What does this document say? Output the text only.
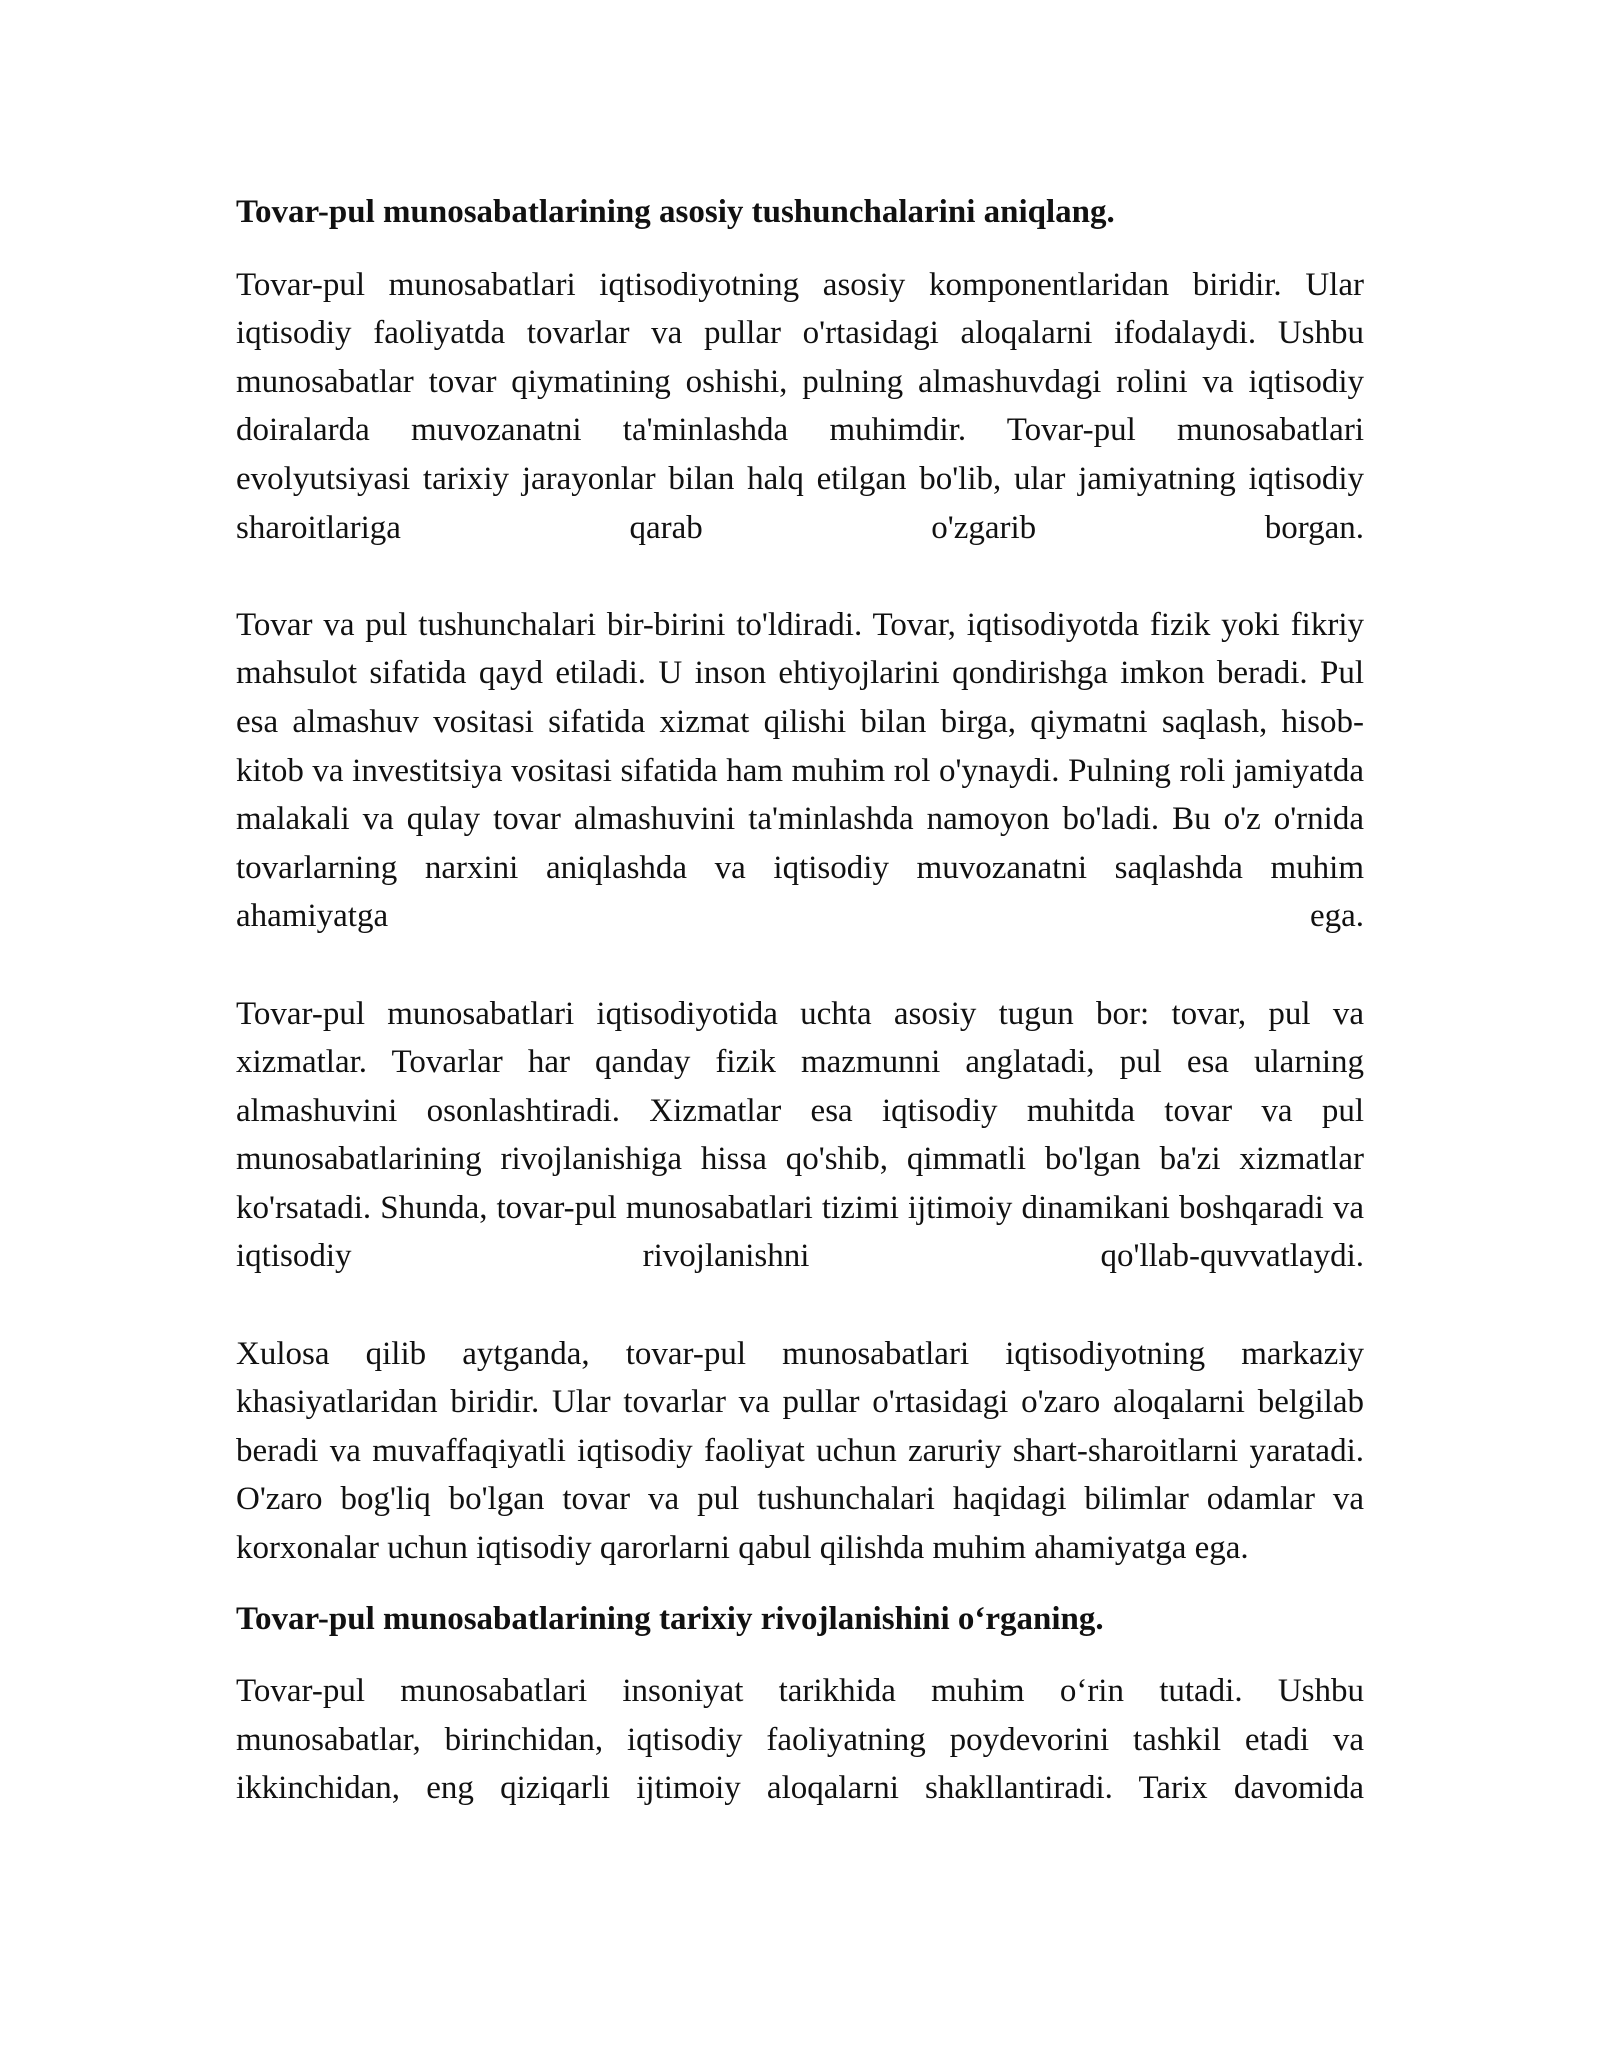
Tovar-pul munosabatlarining asosiy tushunchalarini aniqlang.

Tovar-pul munosabatlari iqtisodiyotning asosiy komponentlaridan biridir. Ular iqtisodiy faoliyatda tovarlar va pullar o'rtasidagi aloqalarni ifodalaydi. Ushbu munosabatlar tovar qiymatining oshishi, pulning almashuvdagi rolini va iqtisodiy doiralarda muvozanatni ta'minlashda muhimdir. Tovar-pul munosabatlari evolyutsiyasi tarixiy jarayonlar bilan halq etilgan bo'lib, ular jamiyatning iqtisodiy sharoitlariga qarab o'zgarib borgan.

Tovar va pul tushunchalari bir-birini to'ldiradi. Tovar, iqtisodiyotda fizik yoki fikriy mahsulot sifatida qayd etiladi. U inson ehtiyojlarini qondirishga imkon beradi. Pul esa almashuv vositasi sifatida xizmat qilishi bilan birga, qiymatni saqlash, hisob-kitob va investitsiya vositasi sifatida ham muhim rol o'ynaydi. Pulning roli jamiyatda malakali va qulay tovar almashuvini ta'minlashda namoyon bo'ladi. Bu o'z o'rnida tovarlarning narxini aniqlashda va iqtisodiy muvozanatni saqlashda muhim ahamiyatga ega.

Tovar-pul munosabatlari iqtisodiyotida uchta asosiy tugun bor: tovar, pul va xizmatlar. Tovarlar har qanday fizik mazmunni anglatadi, pul esa ularning almashuvini osonlashtiradi. Xizmatlar esa iqtisodiy muhitda tovar va pul munosabatlarining rivojlanishiga hissa qo'shib, qimmatli bo'lgan ba'zi xizmatlar ko'rsatadi. Shunda, tovar-pul munosabatlari tizimi ijtimoiy dinamikani boshqaradi va iqtisodiy rivojlanishni qo'llab-quvvatlaydi.

Xulosa qilib aytganda, tovar-pul munosabatlari iqtisodiyotning markaziy khasiyatlaridan biridir. Ular tovarlar va pullar o'rtasidagi o'zaro aloqalarni belgilab beradi va muvaffaqiyatli iqtisodiy faoliyat uchun zaruriy shart-sharoitlarni yaratadi. O'zaro bog'liq bo'lgan tovar va pul tushunchalari haqidagi bilimlar odamlar va korxonalar uchun iqtisodiy qarorlarni qabul qilishda muhim ahamiyatga ega.

Tovar-pul munosabatlarining tarixiy rivojlanishini o‘rganing.

Tovar-pul munosabatlari insoniyat tarikhida muhim o‘rin tutadi. Ushbu munosabatlar, birinchidan, iqtisodiy faoliyatning poydevorini tashkil etadi va ikkinchidan, eng qiziqarli ijtimoiy aloqalarni shakllantiradi. Tarix davomida
